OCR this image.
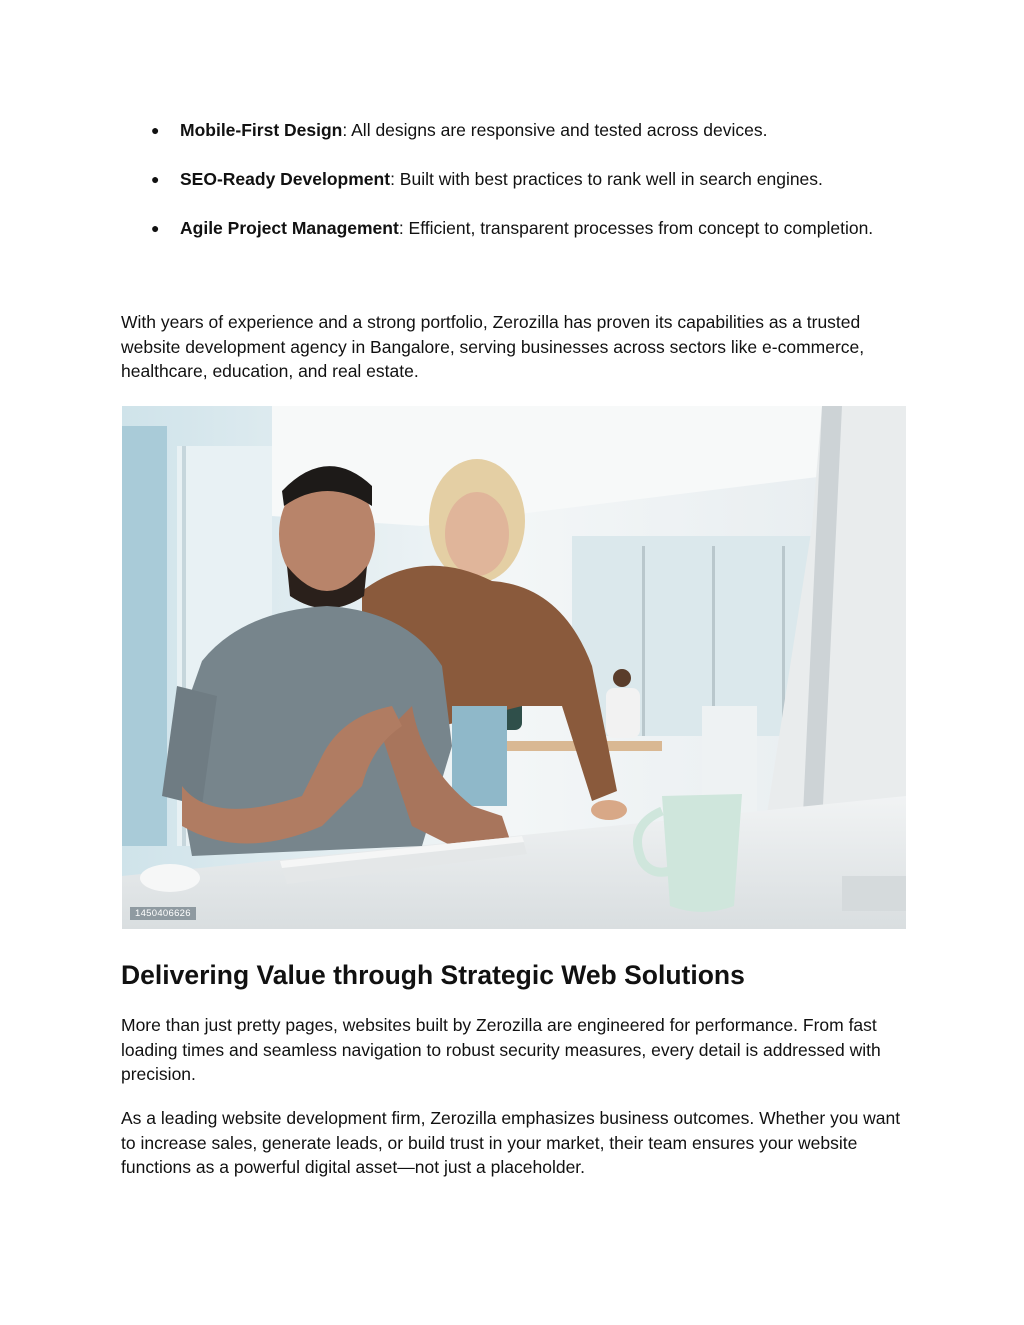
● Mobile-First Design: All designs are responsive and tested across devices.
● SEO-Ready Development: Built with best practices to rank well in search engines.
● Agile Project Management: Efficient, transparent processes from concept to completion.

With years of experience and a strong portfolio, Zerozilla has proven its capabilities as a trusted website development agency in Bangalore, serving businesses across sectors like e-commerce, healthcare, education, and real estate.

1450406626
Delivering Value through Strategic Web Solutions

More than just pretty pages, websites built by Zerozilla are engineered for performance. From fast loading times and seamless navigation to robust security measures, every detail is addressed with precision.

As a leading website development firm, Zerozilla emphasizes business outcomes. Whether you want to increase sales, generate leads, or build trust in your market, their team ensures your website functions as a powerful digital asset—not just a placeholder.
